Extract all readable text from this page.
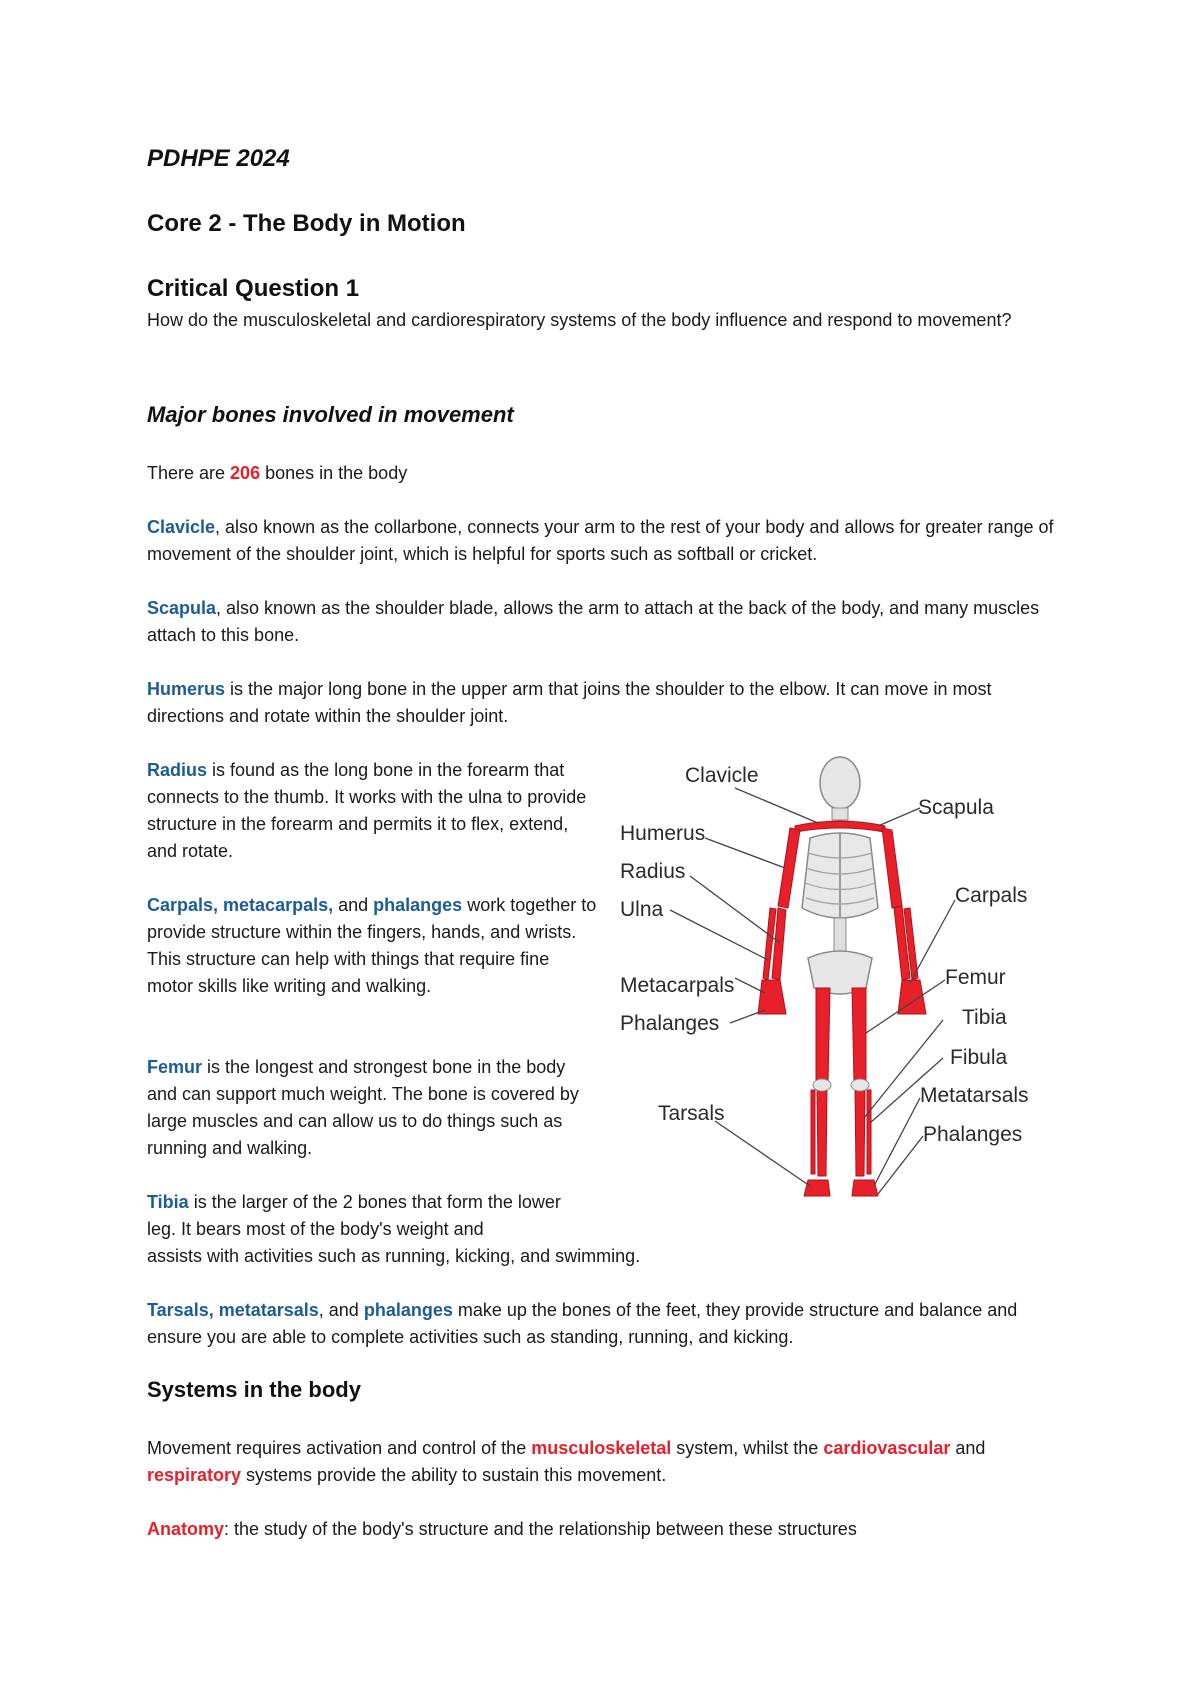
PDHPE 2024
Core 2 - The Body in Motion
Critical Question 1
How do the musculoskeletal and cardiorespiratory systems of the body influence and respond to movement?
Major bones involved in movement
There are 206 bones in the body
Clavicle, also known as the collarbone, connects your arm to the rest of your body and allows for greater range of movement of the shoulder joint, which is helpful for sports such as softball or cricket.
Scapula, also known as the shoulder blade, allows the arm to attach at the back of the body, and many muscles attach to this bone.
Humerus is the major long bone in the upper arm that joins the shoulder to the elbow. It can move in most directions and rotate within the shoulder joint.
Radius is found as the long bone in the forearm that connects to the thumb. It works with the ulna to provide structure in the forearm and permits it to flex, extend, and rotate.
Carpals, metacarpals, and phalanges work together to provide structure within the fingers, hands, and wrists. This structure can help with things that require fine motor skills like writing and walking.
Femur is the longest and strongest bone in the body and can support much weight. The bone is covered by large muscles and can allow us to do things such as running and walking.
Tibia is the larger of the 2 bones that form the lower leg. It bears most of the body's weight and
assists with activities such as running, kicking, and swimming.
Tarsals, metatarsals, and phalanges make up the bones of the feet, they provide structure and balance and ensure you are able to complete activities such as standing, running, and kicking.
Systems in the body
Movement requires activation and control of the musculoskeletal system, whilst the cardiovascular and respiratory systems provide the ability to sustain this movement.
Anatomy: the study of the body's structure and the relationship between these structures
Clavicle
Scapula
Humerus
Radius
Carpals
Ulna
Femur
Metacarpals
Tibia
Phalanges
Fibula
Metatarsals
Tarsals
Phalanges
